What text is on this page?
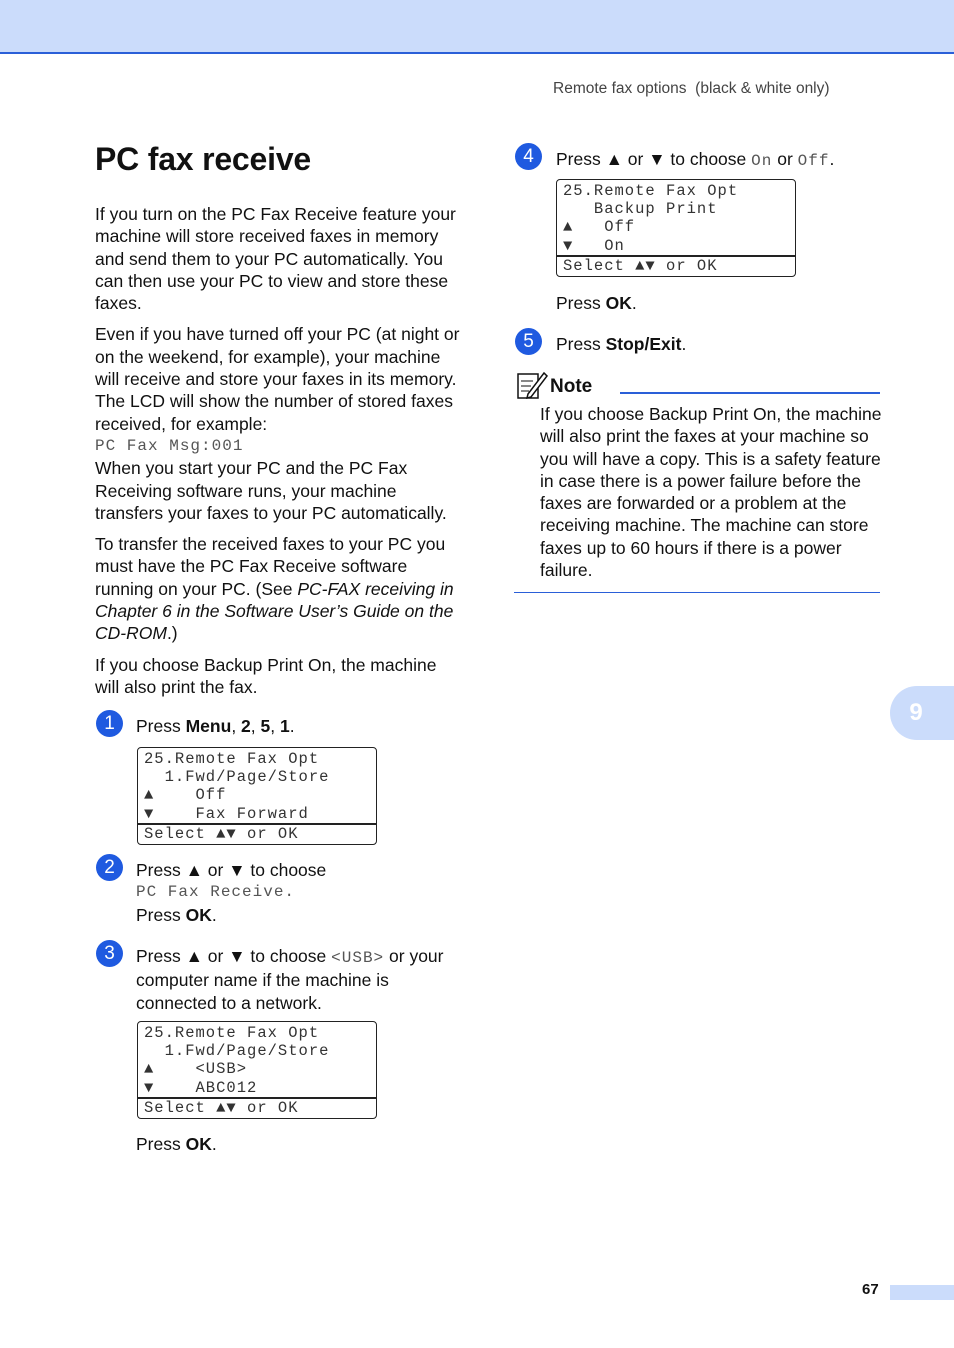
Remote fax options  (black & white only)
9
PC fax receive

If you turn on the PC Fax Receive feature your machine will store received faxes in memory and send them to your PC automatically. You can then use your PC to view and store these faxes.

Even if you have turned off your PC (at night or on the weekend, for example), your machine will receive and store your faxes in its memory. The LCD will show the number of stored faxes received, for example:

PC Fax Msg:001

When you start your PC and the PC Fax Receiving software runs, your machine transfers your faxes to your PC automatically.

To transfer the received faxes to your PC you must have the PC Fax Receive software running on your PC. (See PC-FAX receiving in Chapter 6 in the Software User’s Guide on the CD-ROM.)

If you choose Backup Print On, the machine will also print the fax.

1	Press Menu, 2, 5, 1.
25.Remote Fax Opt
1.Fwd/Page/Store
▲    Off
▼    Fax Forward
Select ▲▼ or OK
2	Press ▲ or ▼ to choose
PC Fax Receive.
Press OK.
3	Press ▲ or ▼ to choose <USB> or your
computer name if the machine is
connected to a network.
25.Remote Fax Opt
1.Fwd/Page/Store
▲    <USB>
▼    ABC012
Select ▲▼ or OK
Press OK.
4	Press ▲ or ▼ to choose On or Off.
25.Remote Fax Opt
Backup Print
▲   Off
▼   On
Select ▲▼ or OK
Press OK.
5	Press Stop/Exit.
Note
If you choose Backup Print On, the machine will also print the faxes at your machine so you will have a copy. This is a safety feature in case there is a power failure before the faxes are forwarded or a problem at the receiving machine. The machine can store faxes up to 60 hours if there is a power failure.
67
